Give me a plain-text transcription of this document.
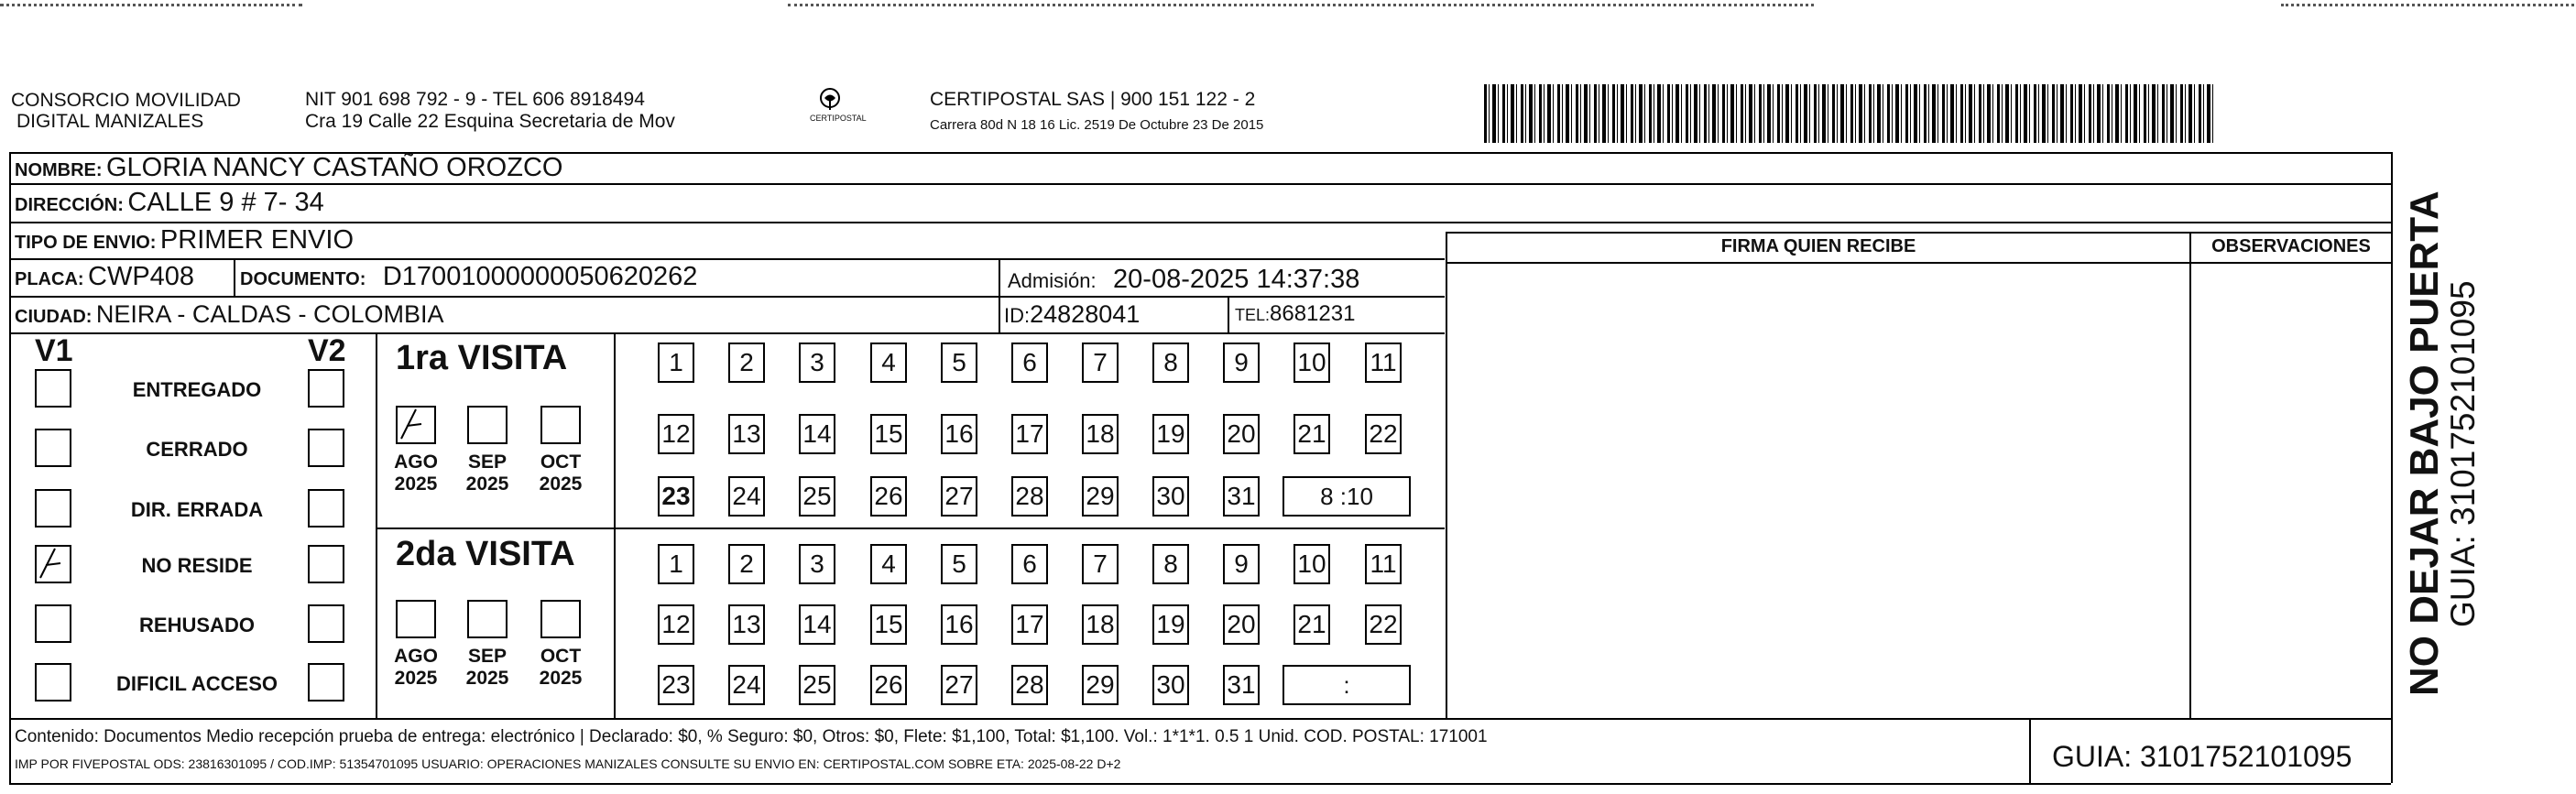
CONSORCIO MOVILIDAD
DIGITAL MANIZALES
NIT 901 698 792 - 9 - TEL 606 8918494
Cra 19 Calle 22 Esquina Secretaria de Mov	CERTIPOSTAL
CERTIPOSTAL SAS | 900 151 122 - 2
Carrera 80d N 18 16 Lic. 2519 De Octubre 23 De 2015
NOMBRE: GLORIA NANCY CASTAÑO OROZCO
DIRECCIÓN: CALLE 9 # 7- 34
TIPO DE ENVIO: PRIMER ENVIO
PLACA: CWP408 DOCUMENTO: D17001000000050620262	Admisión: 20-08-2025 14:37:38
CIUDAD: NEIRA - CALDAS - COLOMBIA	ID:24828041	TEL:8681231
V1	V2
ENTREGADO
CERRADO
DIR. ERRADA
NO RESIDE
REHUSADO
DIFICIL ACCESO
1ra VISITA
AGO
2025
SEP
2025
OCT
2025
1	2	3	4	5	6	7	8	9	10 11
12 13 14 15 16 17 18 19 20 21 22
23 24 25 26 27 28 29 30 31	8 :10
2da VISITA
AGO
2025
SEP
2025
OCT
2025
1	2	3	4	5	6	7	8	9	10 11
12 13 14 15 16 17 18 19 20 21 22
23 24 25 26 27 28 29 30 31	:
FIRMA QUIEN RECIBE	OBSERVACIONES
Contenido: Documentos Medio recepción prueba de entrega: electrónico | Declarado: $0, % Seguro: $0, Otros: $0, Flete: $1,100, Total: $1,100. Vol.: 1*1*1. 0.5 1 Unid. COD. POSTAL: 171001
IMP POR FIVEPOSTAL ODS: 23816301095 / COD.IMP: 51354701095 USUARIO: OPERACIONES MANIZALES CONSULTE SU ENVIO EN: CERTIPOSTAL.COM SOBRE ETA: 2025-08-22 D+2	GUIA: 3101752101095
NO DEJAR BAJO PUERTA
GUIA: 3101752101095
